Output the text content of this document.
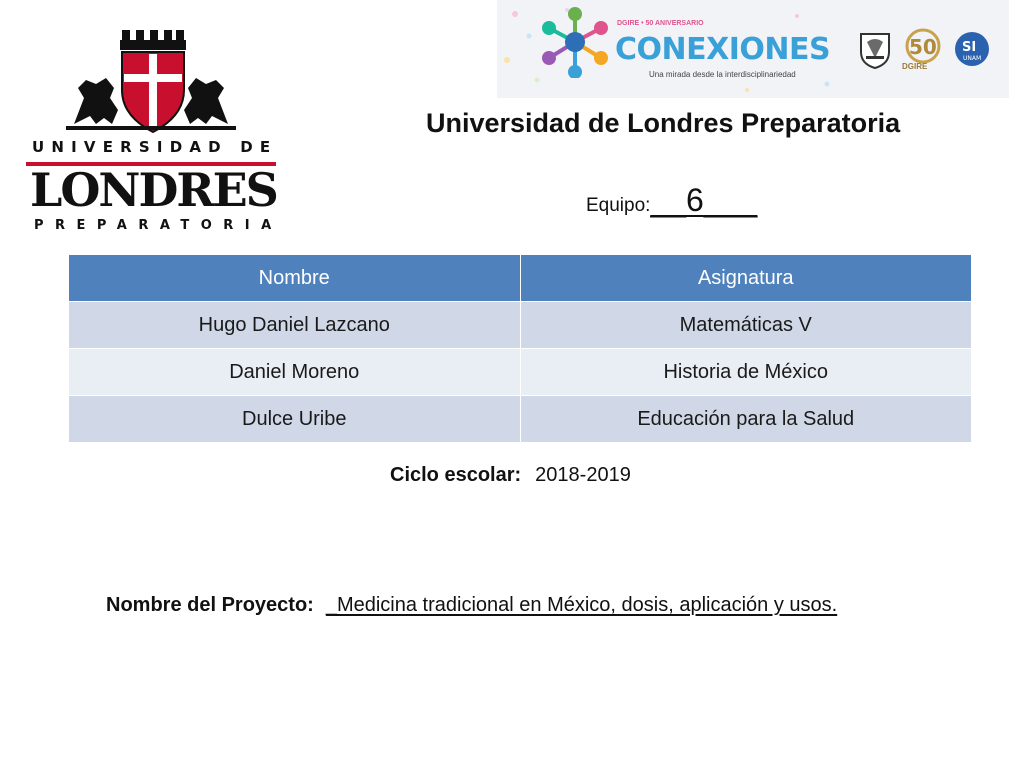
UNIVERSIDAD DE
LONDRES
PREPARATORIA
DGIRE • 50 ANIVERSARIO
CONEXIONES
Una mirada desde la interdisciplinariedad
50
DGIRE
SI
UNAM
Universidad de Londres Preparatoria
Equipo:__6___
Nombre	Asignatura
Hugo Daniel Lazcano	Matemáticas V
Daniel Moreno	Historia de México
Dulce Uribe	Educación para la Salud
Ciclo escolar: 2018-2019
Nombre del Proyecto: _Medicina tradicional en México, dosis, aplicación y usos.
